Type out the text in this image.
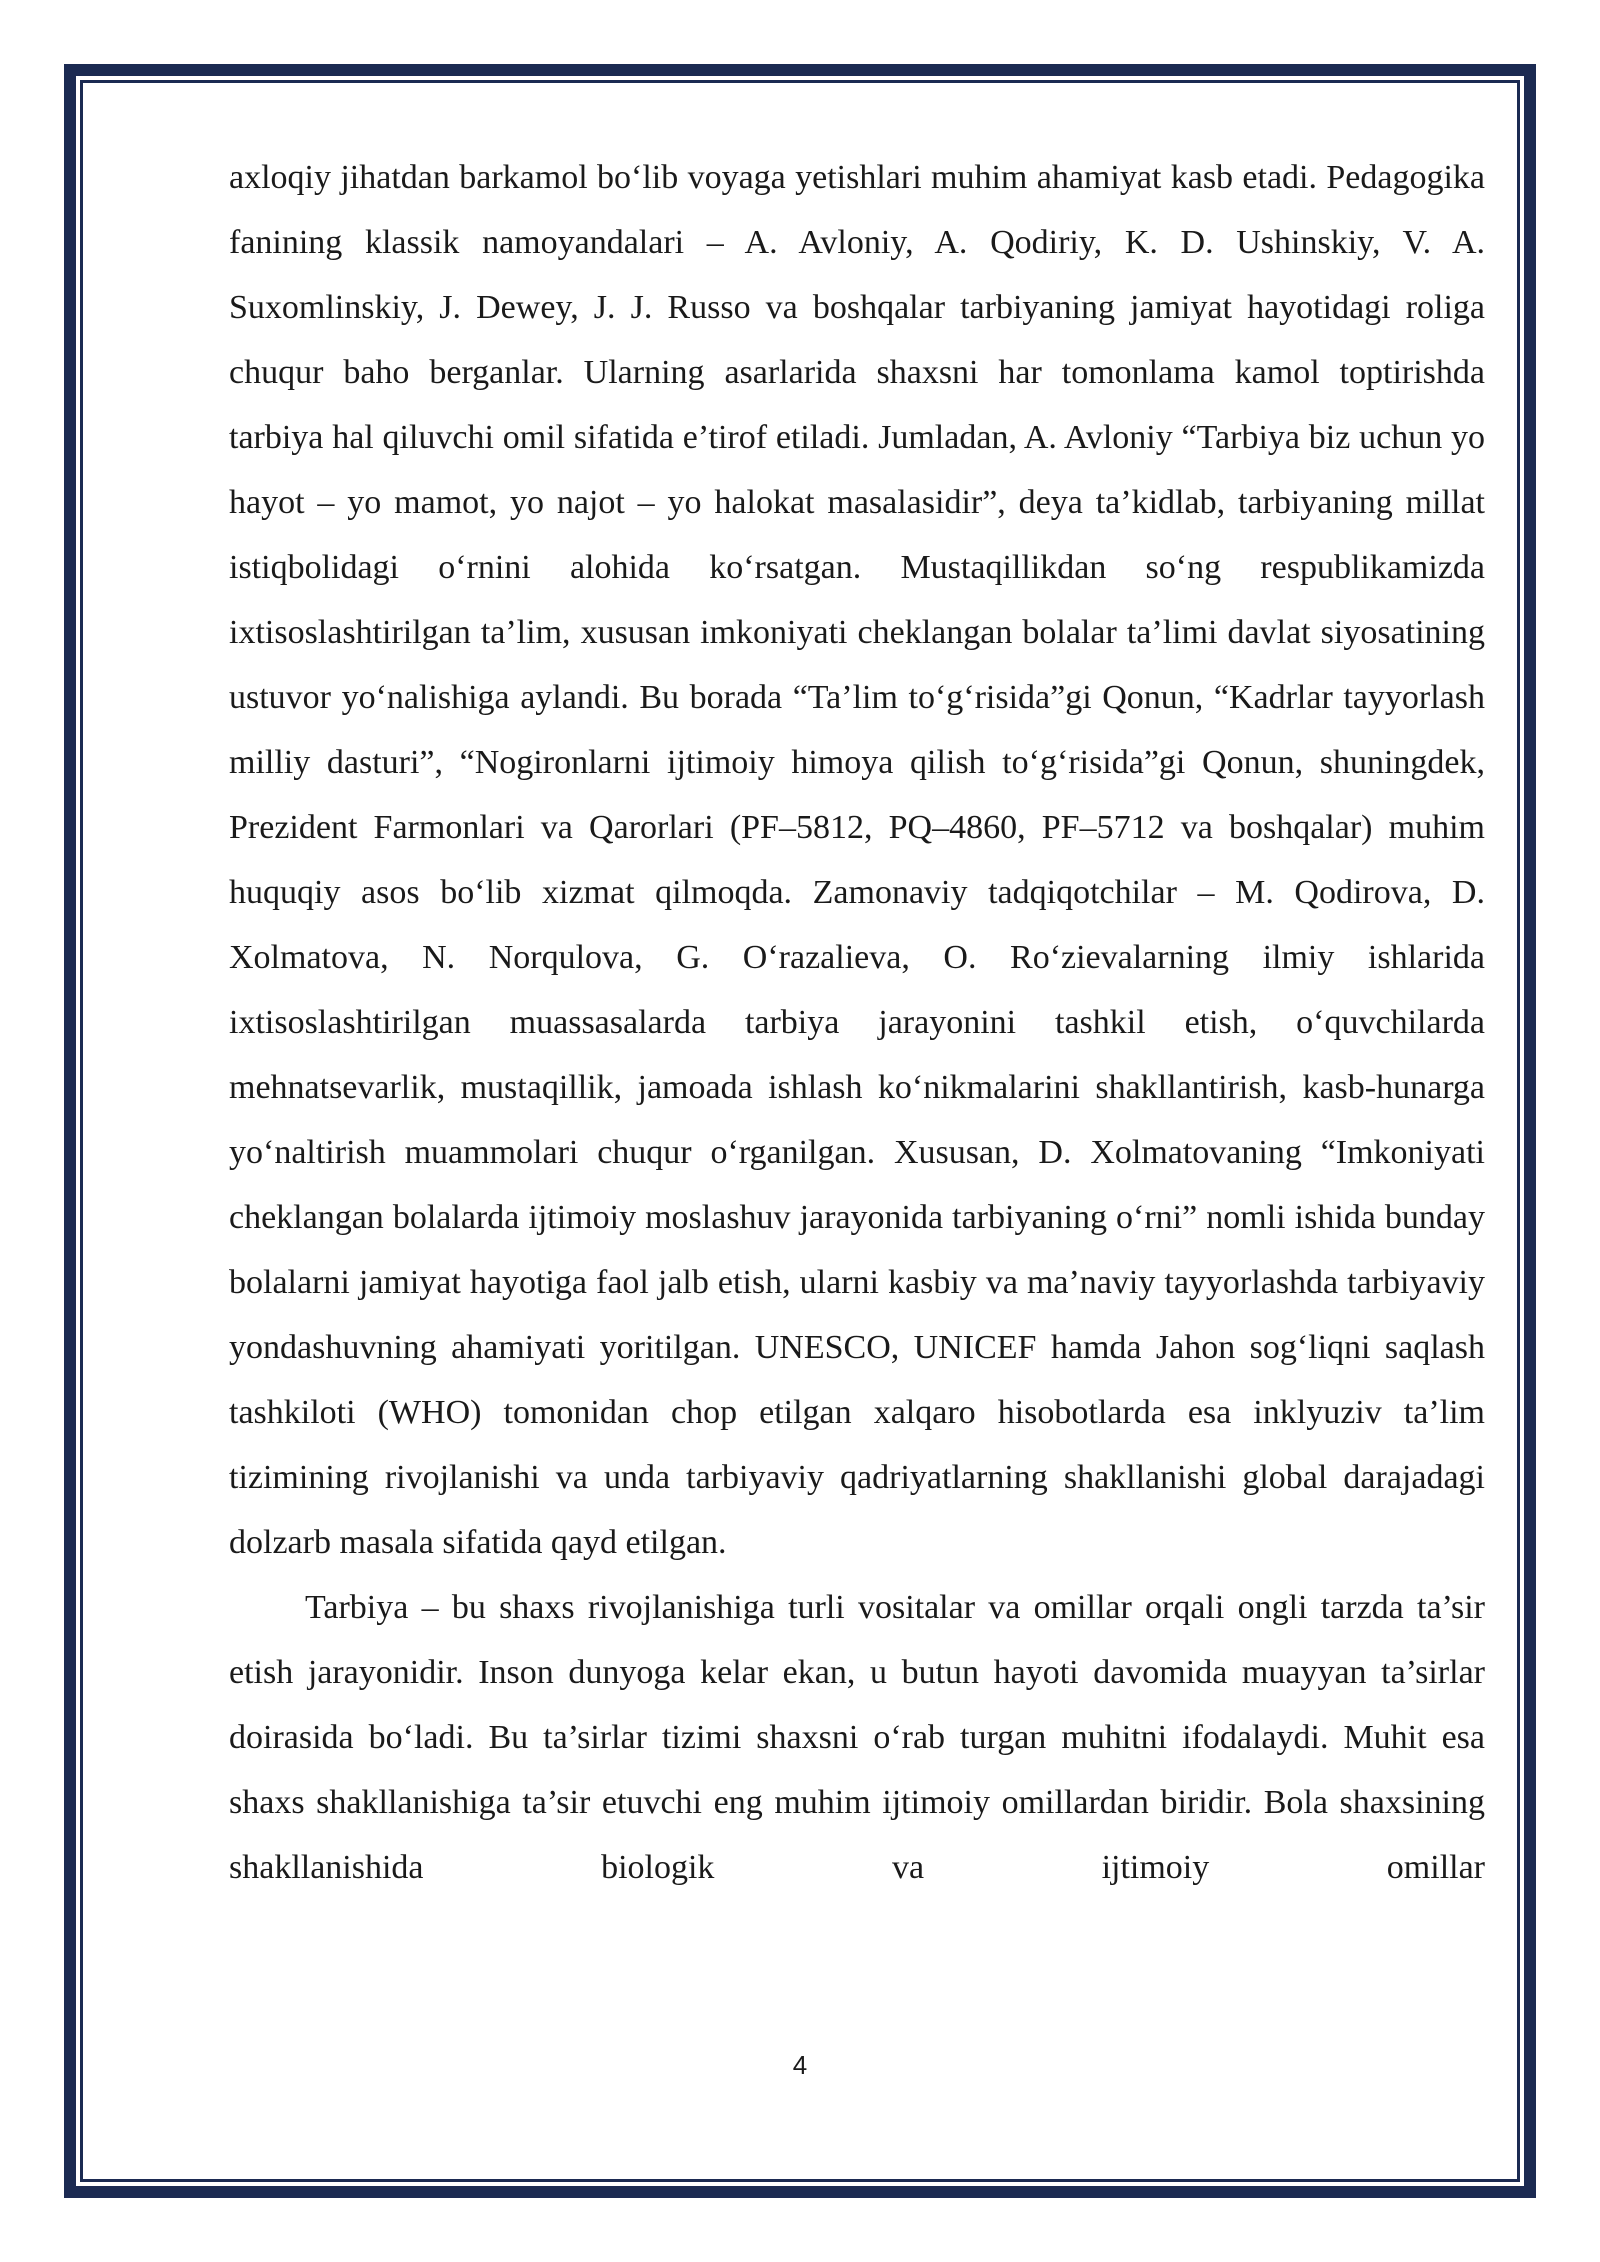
axloqiy jihatdan barkamol boʻlib voyaga yetishlari muhim ahamiyat kasb etadi. Pedagogika fanining klassik namoyandalari – A. Avloniy, A. Qodiriy, K. D. Ushinskiy, V. A. Suxomlinskiy, J. Dewey, J. J. Russo va boshqalar tarbiyaning jamiyat hayotidagi roliga chuqur baho berganlar. Ularning asarlarida shaxsni har tomonlama kamol toptirishda tarbiya hal qiluvchi omil sifatida e’tirof etiladi. Jumladan, A. Avloniy “Tarbiya biz uchun yo hayot – yo mamot, yo najot – yo halokat masalasidir”, deya ta’kidlab, tarbiyaning millat istiqbolidagi oʻrnini alohida koʻrsatgan. Mustaqillikdan soʻng respublikamizda ixtisoslashtirilgan ta’lim, xususan imkoniyati cheklangan bolalar ta’limi davlat siyosatining ustuvor yoʻnalishiga aylandi. Bu borada “Ta’lim toʻgʻrisida”gi Qonun, “Kadrlar tayyorlash milliy dasturi”, “Nogironlarni ijtimoiy himoya qilish toʻgʻrisida”gi Qonun, shuningdek, Prezident Farmonlari va Qarorlari (PF–5812, PQ–4860, PF–5712 va boshqalar) muhim huquqiy asos boʻlib xizmat qilmoqda. Zamonaviy tadqiqotchilar – M. Qodirova, D. Xolmatova, N. Norqulova, G. Oʻrazalieva, O. Roʻzievalarning ilmiy ishlarida ixtisoslashtirilgan muassasalarda tarbiya jarayonini tashkil etish, oʻquvchilarda mehnatsevarlik, mustaqillik, jamoada ishlash koʻnikmalarini shakllantirish, kasb-hunarga yoʻnaltirish muammolari chuqur oʻrganilgan. Xususan, D. Xolmatovaning “Imkoniyati cheklangan bolalarda ijtimoiy moslashuv jarayonida tarbiyaning oʻrni” nomli ishida bunday bolalarni jamiyat hayotiga faol jalb etish, ularni kasbiy va ma’naviy tayyorlashda tarbiyaviy yondashuvning ahamiyati yoritilgan. UNESCO, UNICEF hamda Jahon sogʻliqni saqlash tashkiloti (WHO) tomonidan chop etilgan xalqaro hisobotlarda esa inklyuziv ta’lim tizimining rivojlanishi va unda tarbiyaviy qadriyatlarning shakllanishi global darajadagi dolzarb masala sifatida qayd etilgan.

Tarbiya – bu shaxs rivojlanishiga turli vositalar va omillar orqali ongli tarzda ta’sir etish jarayonidir. Inson dunyoga kelar ekan, u butun hayoti davomida muayyan ta’sirlar doirasida boʻladi. Bu ta’sirlar tizimi shaxsni oʻrab turgan muhitni ifodalaydi. Muhit esa shaxs shakllanishiga ta’sir etuvchi eng muhim ijtimoiy omillardan biridir. Bola shaxsining shakllanishida biologik va ijtimoiy omillar

4
